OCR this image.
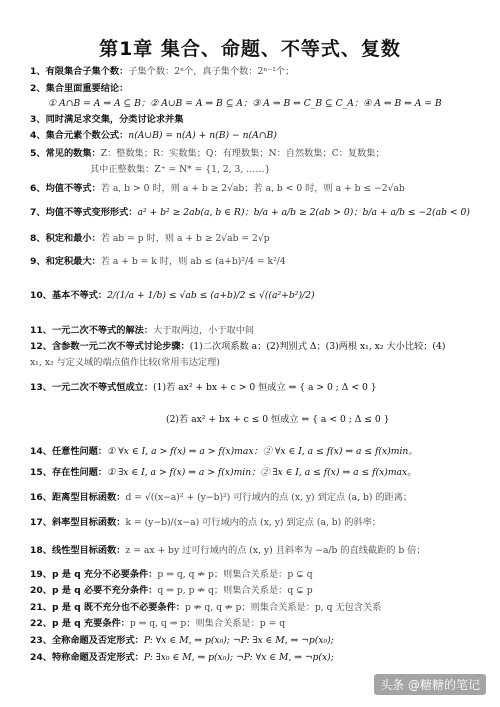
第1章 集合、命题、不等式、复数
1、有限集合子集个数：子集个数：2ⁿ个，真子集个数：2ⁿ⁻¹个；
2、集合里面重要结论：
① A∩B = A ⇒ A ⊆ B；② A∪B = A ⇒ B ⊆ A；③ A ⇒ B ⇔ C_B ⊆ C_A；④ A ⇔ B ⇔ A = B
3、同时满足求交集，分类讨论求并集
4、集合元素个数公式：n(A∪B) = n(A) + n(B) − n(A∩B)
5、常见的数集：Z：整数集；R：实数集；Q：有理数集；N：自然数集；C：复数集；
其中正整数集：Z⁺ = N* = {1, 2, 3, ……}
6、均值不等式：若 a, b > 0 时，则 a + b ≥ 2√ab；若 a, b < 0 时，则 a + b ≤ −2√ab
7、均值不等式变形形式：a² + b² ≥ 2ab(a, b ∈ R)；b/a + a/b ≥ 2(ab > 0)；b/a + a/b ≤ −2(ab < 0)
8、积定和最小：若 ab = p 时，则 a + b ≥ 2√ab = 2√p
9、和定积最大：若 a + b = k 时，则 ab ≤ (a+b)²/4 = k²/4
10、基本不等式：2/(1/a + 1/b) ≤ √ab ≤ (a+b)/2 ≤ √((a²+b²)/2)
11、一元二次不等式的解法：大于取两边，小于取中间
12、含参数一元二次不等式讨论步骤：(1)二次项系数 a；(2)判别式 Δ；(3)两根 x₁, x₂ 大小比较；(4)
x₁, x₂ 与定义域的端点值作比较(常用韦达定理)
13、一元二次不等式恒成立：(1)若 ax² + bx + c > 0 恒成立 ⇔ { a > 0 ; Δ < 0 }
(2)若 ax² + bx + c ≤ 0 恒成立 ⇔ { a < 0 ; Δ ≤ 0 }
14、任意性问题：① ∀x ∈ I, a > f(x) ⇒ a > f(x)max；② ∀x ∈ I, a ≤ f(x) ⇒ a ≤ f(x)min。
15、存在性问题：① ∃x ∈ I, a > f(x) ⇒ a > f(x)min；② ∃x ∈ I, a ≤ f(x) ⇒ a ≤ f(x)max。
16、距离型目标函数：d = √((x−a)² + (y−b)²) 可行域内的点 (x, y) 到定点 (a, b) 的距离；
17、斜率型目标函数：k = (y−b)/(x−a) 可行域内的点 (x, y) 到定点 (a, b) 的斜率；
18、线性型目标函数：z = ax + by 过可行域内的点 (x, y) 且斜率为 −a/b 的直线截距的 b 倍；
19、p 是 q 充分不必要条件：p ⇒ q, q ⇏ p；则集合关系是：p ⊊ q
20、p 是 q 必要不充分条件：q ⇒ p, p ⇏ q；则集合关系是：q ⊊ p
21、p 是 q 既不充分也不必要条件：p ⇏ q, q ⇏ p；则集合关系是：p, q 无包含关系
22、p 是 q 充要条件：p ⇒ q, q ⇒ p；则集合关系是：p = q
23、全称命题及否定形式：P: ∀x ∈ M, ⇒ p(x₀); ¬P: ∃x ∈ M, ⇒ ¬p(x₀);
24、特称命题及否定形式：P: ∃x₀ ∈ M, ⇒ p(x₀); ¬P: ∀x ∈ M, ⇒ ¬p(x);
头条 @糖糖的笔记
